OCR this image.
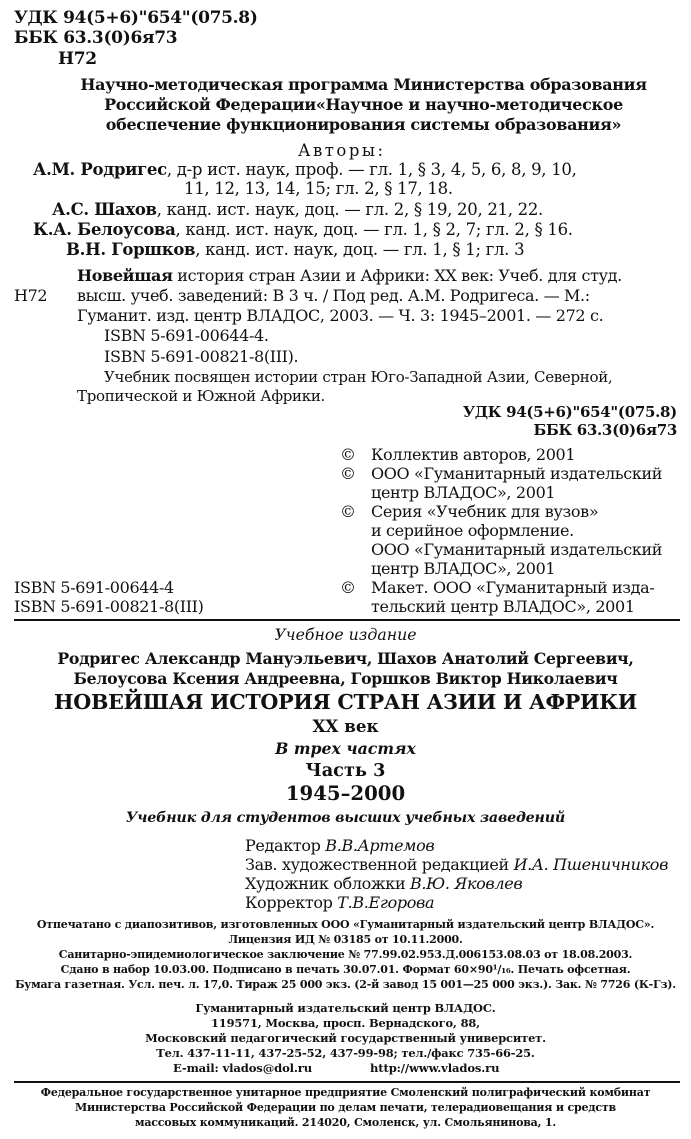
УДК 94(5+6)"654"(075.8)
ББК 63.3(0)6я73
Н72
Научно-методическая программа Министерства образования
Российской Федерации«Научное и научно-методическое
обеспечение функционирования системы образования»
Авторы:
А.М. Родригес, д-р ист. наук, проф. — гл. 1, § 3, 4, 5, 6, 8, 9, 10,
11, 12, 13, 14, 15; гл. 2, § 17, 18.
А.С. Шахов, канд. ист. наук, доц. — гл. 2, § 19, 20, 21, 22.
К.А. Белоусова, канд. ист. наук, доц. — гл. 1, § 2, 7; гл. 2, § 16.
В.Н. Горшков, канд. ист. наук, доц. — гл. 1, § 1; гл. 3
Н72
Новейшая история стран Азии и Африки: XX век: Учеб. для студ.
высш. учеб. заведений: В 3 ч. / Под ред. А.М. Родригеса. — М.:
Гуманит. изд. центр ВЛАДОС, 2003. — Ч. 3: 1945–2001. — 272 с.
ISBN 5-691-00644-4.
ISBN 5-691-00821-8(III).
Учебник посвящен истории стран Юго-Западной Азии, Северной,
Тропической и Южной Африки.
УДК 94(5+6)"654"(075.8)
ББК 63.3(0)6я73
© Коллектив авторов, 2001
© ООО «Гуманитарный издательский
центр ВЛАДОС», 2001
© Серия «Учебник для вузов»
и серийное оформление.
ООО «Гуманитарный издательский
центр ВЛАДОС», 2001
© Макет. ООО «Гуманитарный изда-
тельский центр ВЛАДОС», 2001
ISBN 5-691-00644-4
ISBN 5-691-00821-8(III)
Учебное издание
Родригес Александр Мануэльевич, Шахов Анатолий Сергеевич,
Белоусова Ксения Андреевна, Горшков Виктор Николаевич
НОВЕЙШАЯ ИСТОРИЯ СТРАН АЗИИ И АФРИКИ
XX век
В трех частях
Часть 3
1945–2000
Учебник для студентов высших учебных заведений
Редактор В.В.Артемов
Зав. художественной редакцией И.А. Пшеничников
Художник обложки В.Ю. Яковлев
Корректор Т.В.Егорова
Отпечатано с диапозитивов, изготовленных ООО «Гуманитарный издательский центр ВЛАДОС».
Лицензия ИД № 03185 от 10.11.2000.
Санитарно-эпидемиологическое заключение № 77.99.02.953.Д.006153.08.03 от 18.08.2003.
Сдано в набор 10.03.00. Подписано в печать 30.07.01. Формат 60×90¹/₁₆. Печать офсетная.
Бумага газетная. Усл. печ. л. 17,0. Тираж 25 000 экз. (2-й завод 15 001—25 000 экз.). Зак. № 7726 (К-Гз).
Гуманитарный издательский центр ВЛАДОС.
119571, Москва, просп. Вернадского, 88,
Московский педагогический государственный университет.
Тел. 437-11-11, 437-25-52, 437-99-98; тел./факс 735-66-25.
E-mail: vlados@dol.ru	http://www.vlados.ru
Федеральное государственное унитарное предприятие Смоленский полиграфический комбинат
Министерства Российской Федерации по делам печати, телерадиовещания и средств
массовых коммуникаций. 214020, Смоленск, ул. Смольянинова, 1.
